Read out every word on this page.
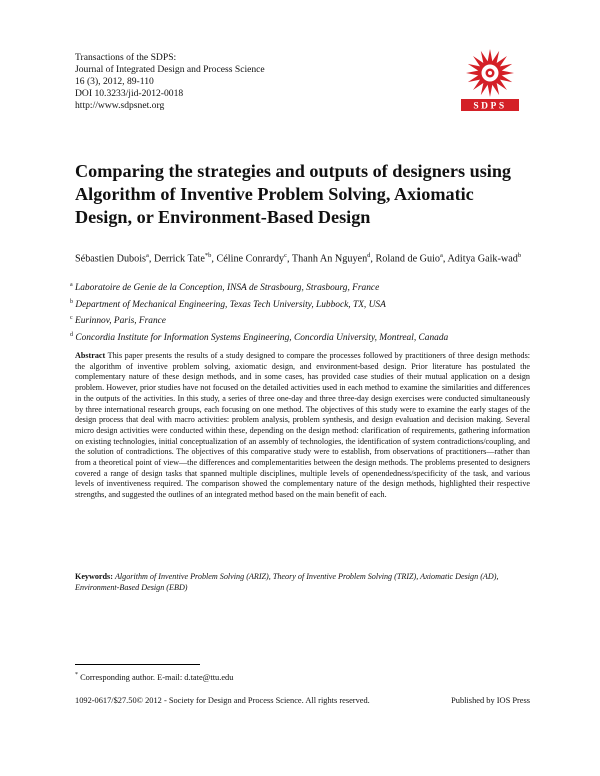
Transactions of the SDPS:
Journal of Integrated Design and Process Science
16 (3), 2012, 89-110
DOI 10.3233/jid-2012-0018
http://www.sdpsnet.org	SDPS
Comparing the strategies and outputs of designers using Algorithm of Inventive Problem Solving, Axiomatic Design, or Environment-Based Design
Sébastien Dubois$^a$, Derrick Tate$^{*b}$, Céline Conrardy$^c$, Thanh An Nguyen$^d$, Roland de Guio$^a$, Aditya Gaik-wad$^b$
$^a$ Laboratoire de Genie de la Conception, INSA de Strasbourg, Strasbourg, France
$^b$ Department of Mechanical Engineering, Texas Tech University, Lubbock, TX, USA
$^c$ Eurinnov, Paris, France
$^d$ Concordia Institute for Information Systems Engineering, Concordia University, Montreal, Canada
Abstract This paper presents the results of a study designed to compare the processes followed by practitioners of three design methods: the algorithm of inventive problem solving, axiomatic design, and environment-based design. Prior literature has postulated the complementary nature of these design methods, and in some cases, has provided case studies of their mutual application on a design problem. However, prior studies have not focused on the detailed activities used in each method to examine the similarities and differences in the outputs of the activities. In this study, a series of three one-day and three three-day design exercises were conducted simultaneously by three international research groups, each focusing on one method. The objectives of this study were to examine the early stages of the design process that deal with macro activities: problem analysis, problem synthesis, and design evaluation and decision making. Several micro design activities were conducted within these, depending on the design method: clarification of requirements, gathering information on existing technologies, initial conceptualization of an assembly of technologies, the identification of system contradictions/coupling, and the solution of contradictions. The objectives of this comparative study were to establish, from observations of practitioners—rather than from a theoretical point of view—the differences and complementarities between the design methods. The problems presented to designers covered a range of design tasks that spanned multiple disciplines, multiple levels of openendedness/specificity of the task, and various levels of inventiveness required. The comparison showed the complementary nature of the design methods, highlighted their respective strengths, and suggested the outlines of an integrated method based on the main benefit of each.
Keywords: Algorithm of Inventive Problem Solving (ARIZ), Theory of Inventive Problem Solving (TRIZ), Axiomatic Design (AD), Environment-Based Design (EBD)
* Corresponding author. E-mail: d.tate@ttu.edu
1092-0617/$27.50© 2012 - Society for Design and Process Science. All rights reserved.	Published by IOS Press
